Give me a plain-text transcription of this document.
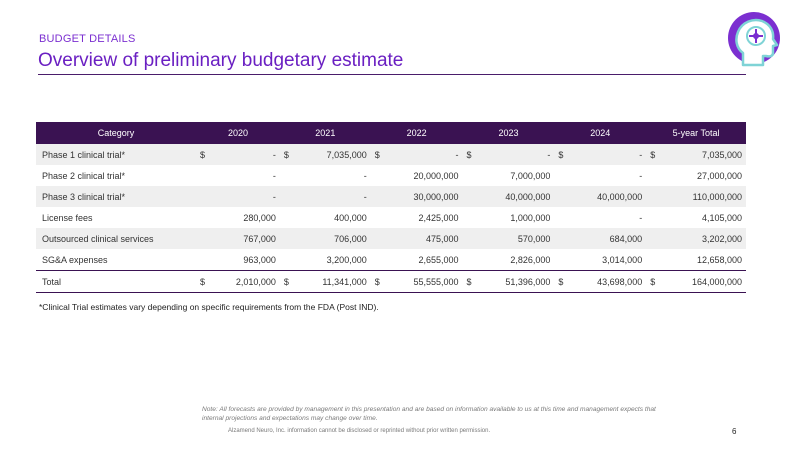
BUDGET DETAILS
Overview of preliminary budgetary estimate
Category	2020	2021	2022	2023	2024	5-year Total
Phase 1 clinical trial*	$ -	$ 7,035,000	$ -	$ -	$ -	$ 7,035,000
Phase 2 clinical trial*	-	-	20,000,000	7,000,000	-	27,000,000
Phase 3 clinical trial*	-	-	30,000,000	40,000,000	40,000,000	110,000,000
License fees	280,000	400,000	2,425,000	1,000,000	-	4,105,000
Outsourced clinical services	767,000	706,000	475,000	570,000	684,000	3,202,000
SG&A expenses	963,000	3,200,000	2,655,000	2,826,000	3,014,000	12,658,000
Total	$ 2,010,000	$ 11,341,000	$ 55,555,000	$ 51,396,000	$ 43,698,000	$ 164,000,000
*Clinical Trial estimates vary depending on specific requirements from the FDA (Post IND).
Note: All forecasts are provided by management in this presentation and are based on information available to us at this time and management expects that internal projections and expectations may change over time.
Alzamend Neuro, Inc. information cannot be disclosed or reprinted without prior written permission.	6
